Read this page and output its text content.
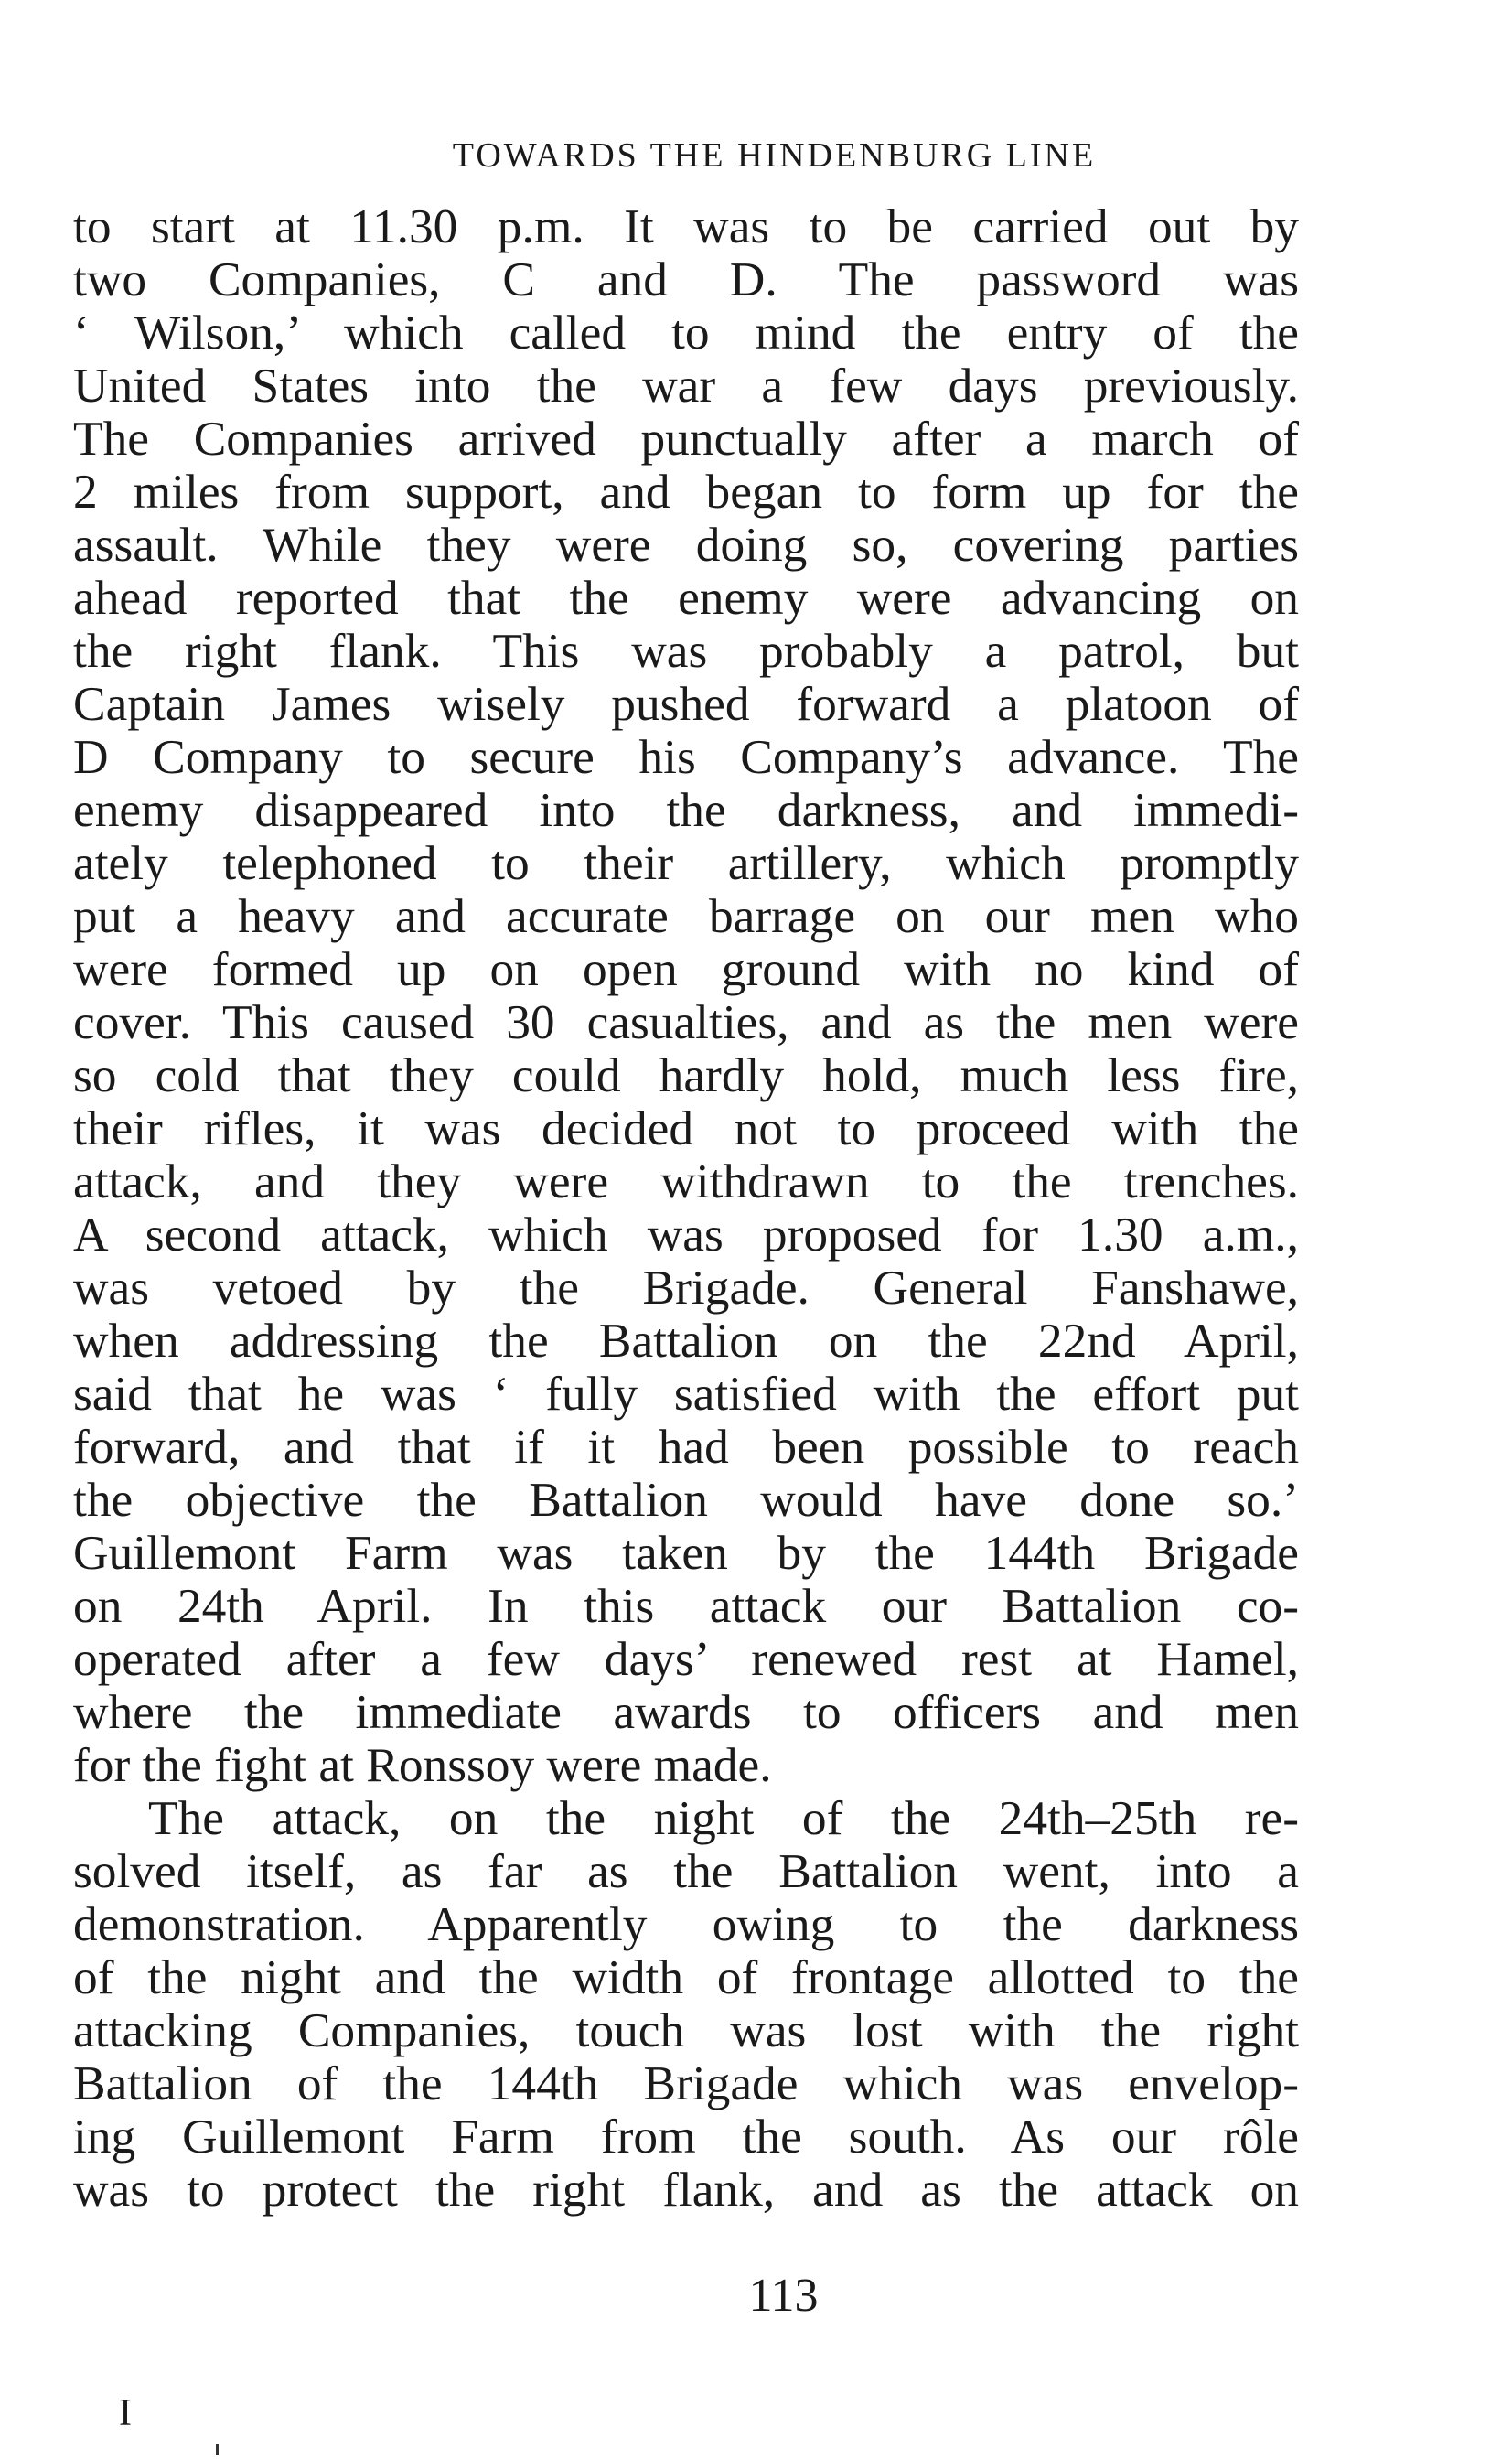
TOWARDS THE HINDENBURG LINE
to start at 11.30 p.m. It was to be carried out by
two Companies, C and D. The password was
‘ Wilson,’ which called to mind the entry of the
United States into the war a few days previously.
The Companies arrived punctually after a march of
2 miles from support, and began to form up for the
assault. While they were doing so, covering parties
ahead reported that the enemy were advancing on
the right flank. This was probably a patrol, but
Captain James wisely pushed forward a platoon of
D Company to secure his Company’s advance. The
enemy disappeared into the darkness, and immedi-
ately telephoned to their artillery, which promptly
put a heavy and accurate barrage on our men who
were formed up on open ground with no kind of
cover. This caused 30 casualties, and as the men were
so cold that they could hardly hold, much less fire,
their rifles, it was decided not to proceed with the
attack, and they were withdrawn to the trenches.
A second attack, which was proposed for 1.30 a.m.,
was vetoed by the Brigade. General Fanshawe,
when addressing the Battalion on the 22nd April,
said that he was ‘ fully satisfied with the effort put
forward, and that if it had been possible to reach
the objective the Battalion would have done so.’
Guillemont Farm was taken by the 144th Brigade
on 24th April. In this attack our Battalion co-
operated after a few days’ renewed rest at Hamel,
where the immediate awards to officers and men
for the fight at Ronssoy were made.
The attack, on the night of the 24th–25th re-
solved itself, as far as the Battalion went, into a
demonstration. Apparently owing to the darkness
of the night and the width of frontage allotted to the
attacking Companies, touch was lost with the right
Battalion of the 144th Brigade which was envelop-
ing Guillemont Farm from the south. As our rôle
was to protect the right flank, and as the attack on
113
I
